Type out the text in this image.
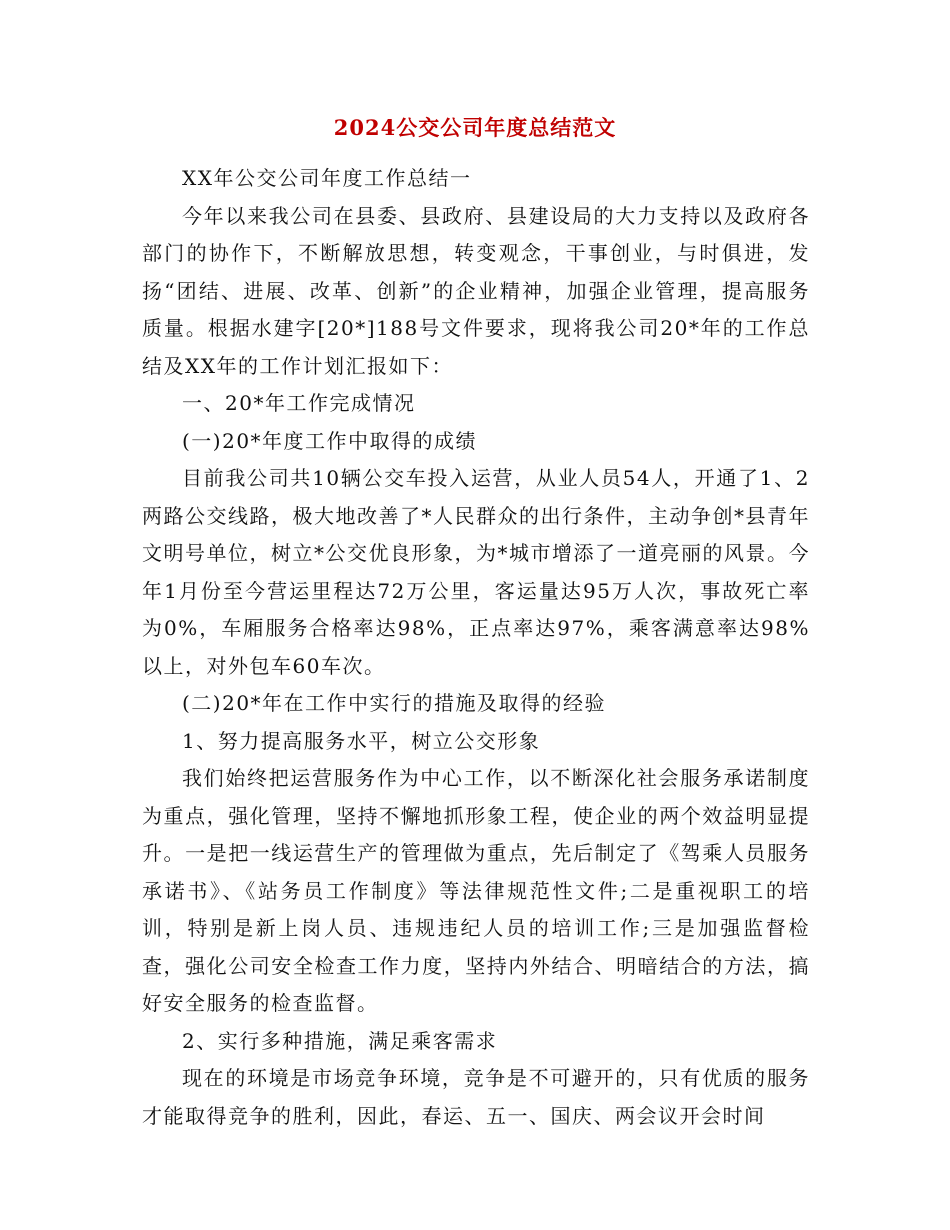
2024公交公司年度总结范文

XX年公交公司年度工作总结一

今年以来我公司在县委、县政府、县建设局的大力支持以及政府各部门的协作下，不断解放思想，转变观念，干事创业，与时俱进，发扬“团结、进展、改革、创新”的企业精神，加强企业管理，提高服务质量。根据水建字[20*]188号文件要求，现将我公司20*年的工作总结及XX年的工作计划汇报如下：

一、20*年工作完成情况

(一)20*年度工作中取得的成绩

目前我公司共10辆公交车投入运营，从业人员54人，开通了1、2两路公交线路，极大地改善了*人民群众的出行条件，主动争创*县青年文明号单位，树立*公交优良形象，为*城市增添了一道亮丽的风景。今年1月份至今营运里程达72万公里，客运量达95万人次，事故死亡率为0%，车厢服务合格率达98%，正点率达97%，乘客满意率达98%以上，对外包车60车次。

(二)20*年在工作中实行的措施及取得的经验

1、努力提高服务水平，树立公交形象

我们始终把运营服务作为中心工作，以不断深化社会服务承诺制度为重点，强化管理，坚持不懈地抓形象工程，使企业的两个效益明显提升。一是把一线运营生产的管理做为重点，先后制定了《驾乘人员服务承诺书》、《站务员工作制度》等法律规范性文件;二是重视职工的培训，特别是新上岗人员、违规违纪人员的培训工作;三是加强监督检查，强化公司安全检查工作力度，坚持内外结合、明暗结合的方法，搞好安全服务的检查监督。

2、实行多种措施，满足乘客需求

现在的环境是市场竞争环境，竞争是不可避开的，只有优质的服务才能取得竞争的胜利，因此，春运、五一、国庆、两会议开会时间
